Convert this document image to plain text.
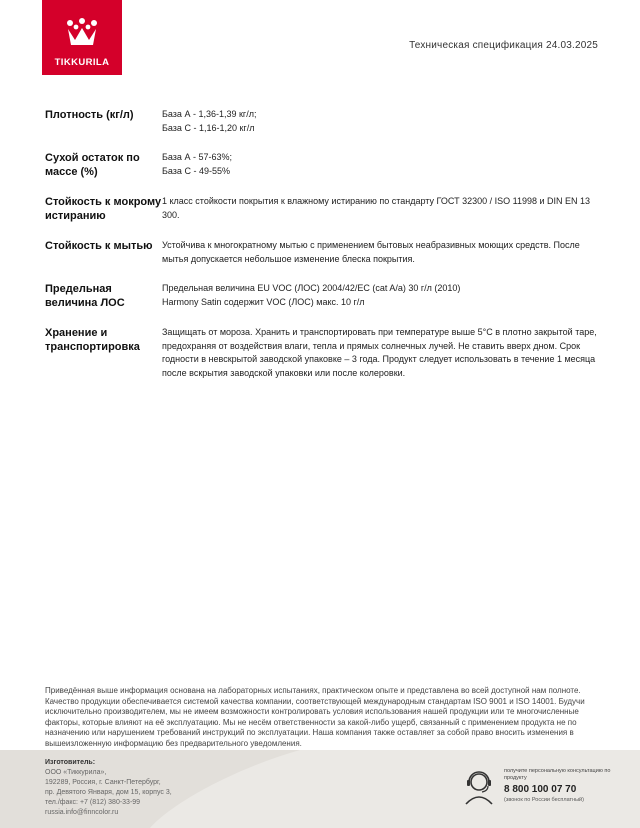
TIKKURILA
Техническая спецификация 24.03.2025
Плотность (кг/л)	База А - 1,36-1,39 кг/л;
База С - 1,16-1,20 кг/л
Сухой остаток по массе (%)
База А - 57-63%;
База С - 49-55%
Стойкость к мокрому истиранию
1 класс стойкости покрытия к влажному истиранию по стандарту ГОСТ 32300 / ISO 11998 и DIN EN 13 300.
Стойкость к мытью	Устойчива к многократному мытью с применением бытовых неабразивных моющих средств. После мытья допускается небольшое изменение блеска покрытия.
Предельная величина ЛОС
Предельная величина EU VOC (ЛОС) 2004/42/EC (cat A/a) 30 г/л (2010)
Harmony Satin содержит VOC (ЛОС) макс. 10 г/л
Хранение и транспортировка
Защищать от мороза. Хранить и транспортировать при температуре выше 5°С в плотно закрытой таре, предохраняя от воздействия влаги, тепла и прямых солнечных лучей. Не ставить вверх дном. Срок годности в невскрытой заводской упаковке – 3 года. Продукт следует использовать в течение 1 месяца после вскрытия заводской упаковки или после колеровки.
Приведённая выше информация основана на лабораторных испытаниях, практическом опыте и представлена во всей доступной нам полноте. Качество продукции обеспечивается системой качества компании, соответствующей международным стандартам ISO 9001 и ISO 14001. Будучи исключительно производителем, мы не имеем возможности контролировать условия использования нашей продукции или те многочисленные факторы, которые влияют на её эксплуатацию. Мы не несём ответственности за какой-либо ущерб, связанный с применением продукта не по назначению или нарушением требований инструкций по эксплуатации. Наша компания также оставляет за собой право вносить изменения в вышеизложенную информацию без предварительного уведомления.
Изготовитель:
ООО «Тиккурила»,
192289, Россия, г. Санкт-Петербург,
пр. Девятого Января, дом 15, корпус 3,
тел./факс: +7 (812) 380-33-99
russia.info@finncolor.ru
получите персональную консультацию по продукту
8 800 100 07 70
(звонок по России бесплатный)
